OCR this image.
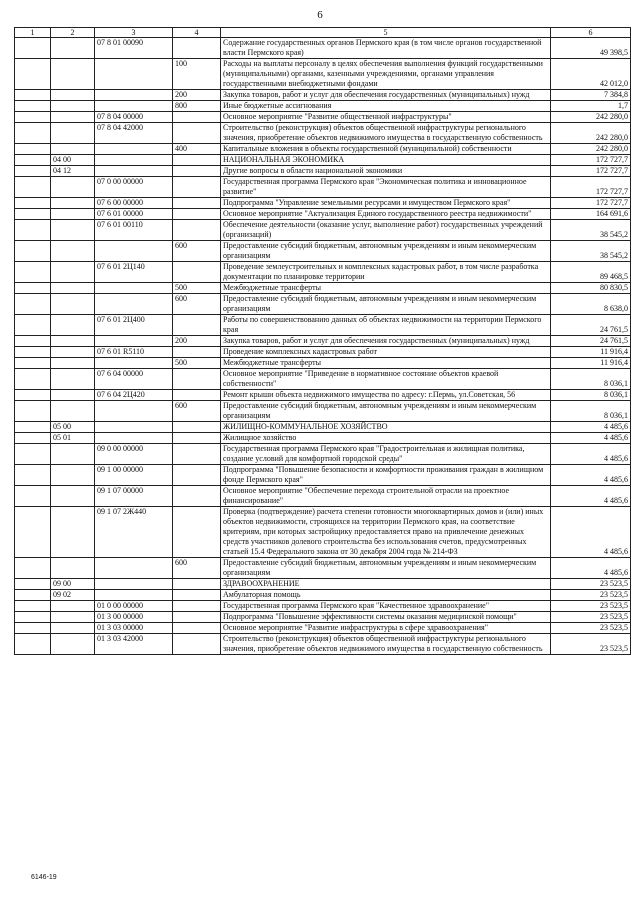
6
1	2	3	4	5	6
		07 8 01 00090		Содержание государственных органов Пермского края (в том числе органов государственной власти Пермского края)	49 398,5
			100	Расходы на выплаты персоналу в целях обеспечения выполнения функций государственными (муниципальными) органами, казенными учреждениями, органами управления государственными внебюджетными фондами	42 012,0
			200	Закупка товаров, работ и услуг для обеспечения государственных (муниципальных) нужд	7 384,8
			800	Иные бюджетные ассигнования	1,7
		07 8 04 00000		Основное мероприятие "Развитие общественной инфраструктуры"	242 280,0
		07 8 04 42000		Строительство (реконструкция) объектов общественной инфраструктуры регионального значения, приобретение объектов недвижимого имущества в государственную собственность	242 280,0
			400	Капитальные вложения в объекты государственной (муниципальной) собственности	242 280,0
	04 00			НАЦИОНАЛЬНАЯ ЭКОНОМИКА	172 727,7
	04 12			Другие вопросы в области национальной экономики	172 727,7
		07 0 00 00000		Государственная программа Пермского края "Экономическая политика и инновационное развитие"	172 727,7
		07 6 00 00000		Подпрограмма "Управление земельными ресурсами и имуществом Пермского края"	172 727,7
		07 6 01 00000		Основное мероприятие "Актуализация Единого государственного реестра недвижимости"	164 691,6
		07 6 01 00110		Обеспечение деятельности (оказание услуг, выполнение работ) государственных учреждений (организаций)	38 545,2
			600	Предоставление субсидий бюджетным, автономным учреждениям и иным некоммерческим организациям	38 545,2
		07 6 01 2Ц140		Проведение землеустроительных и комплексных кадастровых работ, в том числе разработка документации по планировке территории	89 468,5
			500	Межбюджетные трансферты	80 830,5
			600	Предоставление субсидий бюджетным, автономным учреждениям и иным некоммерческим организациям	8 638,0
		07 6 01 2Ц400		Работы по совершенствованию данных об объектах недвижимости на территории Пермского края	24 761,5
			200	Закупка товаров, работ и услуг для обеспечения государственных (муниципальных) нужд	24 761,5
		07 6 01 R5110		Проведение комплексных кадастровых работ	11 916,4
			500	Межбюджетные трансферты	11 916,4
		07 6 04 00000		Основное мероприятие "Приведение в нормативное состояние объектов краевой собственности"	8 036,1
		07 6 04 2Ц420		Ремонт крыши объекта недвижимого имущества по адресу: г.Пермь, ул.Советская, 56	8 036,1
			600	Предоставление субсидий бюджетным, автономным учреждениям и иным некоммерческим организациям	8 036,1
	05 00			ЖИЛИЩНО-КОММУНАЛЬНОЕ ХОЗЯЙСТВО	4 485,6
	05 01			Жилищное хозяйство	4 485,6
		09 0 00 00000		Государственная программа Пермского края "Градостроительная и жилищная политика, создание условий для комфортной городской среды"	4 485,6
		09 1 00 00000		Подпрограмма "Повышение безопасности и комфортности проживания граждан в жилищном фонде Пермского края"	4 485,6
		09 1 07 00000		Основное мероприятие "Обеспечение перехода строительной отрасли на проектное финансирование"	4 485,6
		09 1 07 2Ж440		Проверка (подтверждение) расчета степени готовности многоквартирных домов и (или) иных объектов недвижимости, строящихся на территории Пермского края, на соответствие критериям, при которых застройщику предоставляется право на привлечение денежных средств участников долевого строительства без использования счетов, предусмотренных статьей 15.4 Федерального закона от 30 декабря 2004 года № 214-ФЗ	4 485,6
			600	Предоставление субсидий бюджетным, автономным учреждениям и иным некоммерческим организациям	4 485,6
	09 00			ЗДРАВООХРАНЕНИЕ	23 523,5
	09 02			Амбулаторная помощь	23 523,5
		01 0 00 00000		Государственная программа Пермского края "Качественное здравоохранение"	23 523,5
		01 3 00 00000		Подпрограмма "Повышение эффективности системы оказания медицинской помощи"	23 523,5
		01 3 03 00000		Основное мероприятие "Развитие инфраструктуры в сфере здравоохранения"	23 523,5
		01 3 03 42000		Строительство (реконструкция) объектов общественной инфраструктуры регионального значения, приобретение объектов недвижимого имущества в государственную собственность	23 523,5
6146-19
